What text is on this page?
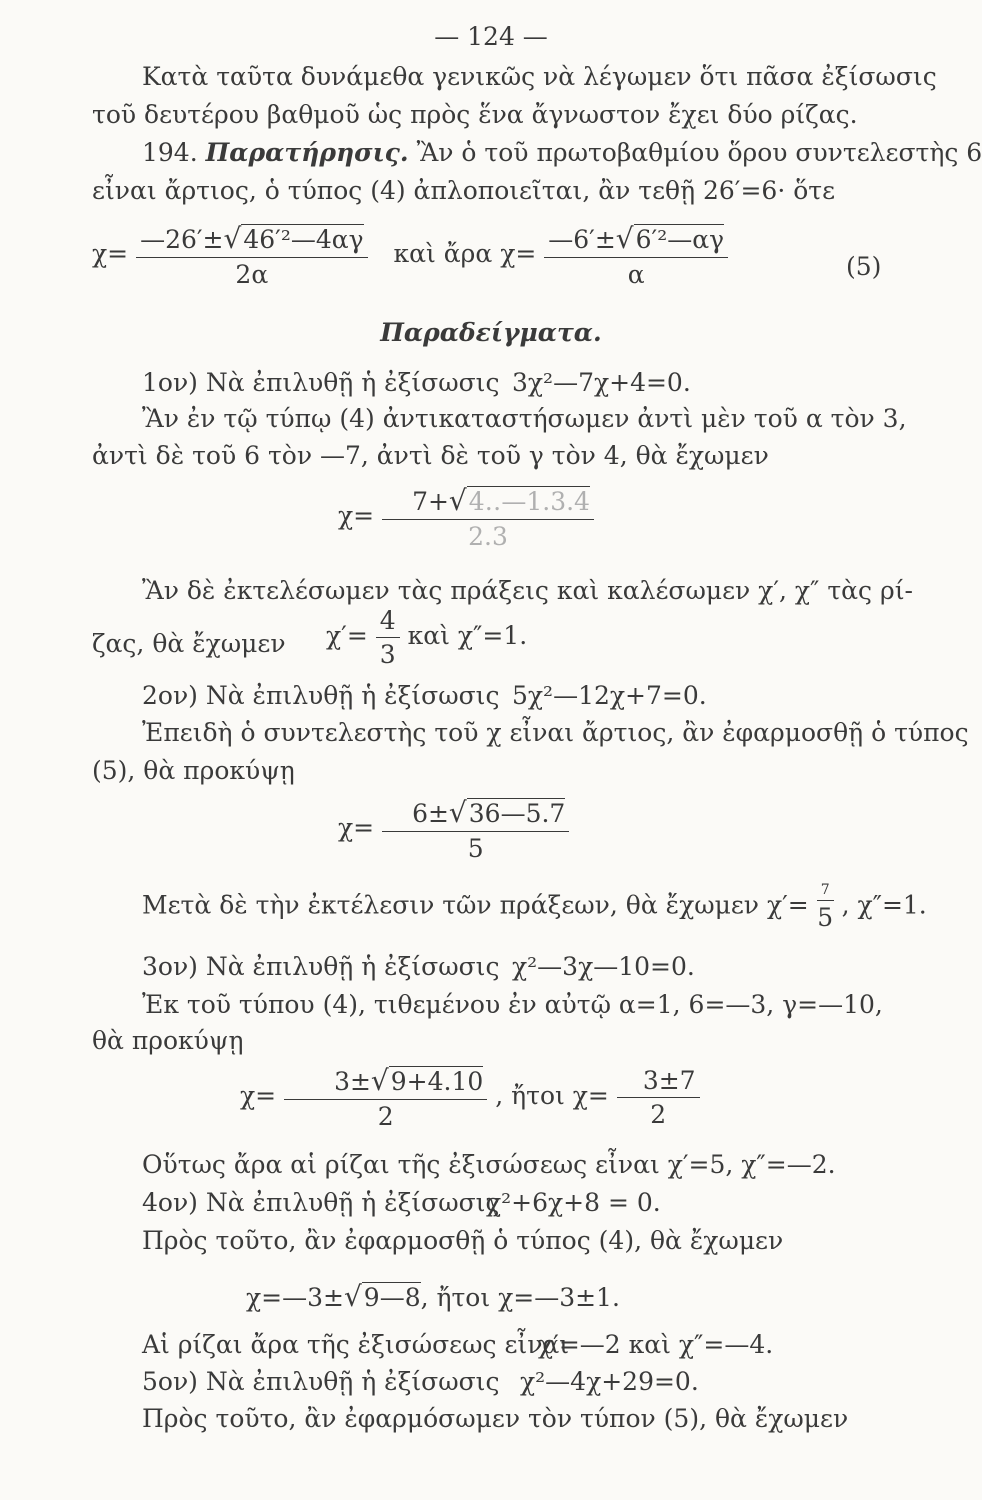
— 124 —
Κατὰ ταῦτα δυνάμεθα γενικῶς νὰ λέγωμεν ὅτι πᾶσα ἐξίσωσις
τοῦ δευτέρου βαθμοῦ ὡς πρὸς ἕνα ἄγνωστον ἔχει δύο ρίζας.
194. Παρατήρησις. Ἂν ὁ τοῦ πρωτοβαθμίου ὅρου συντελεστὴς 6
εἶναι ἄρτιος, ὁ τύπος (4) ἀπλοποιεῖται, ἂν τεθῇ 26′=6· ὅτε
$\chi= \frac{\text{—26′±√46′²—4αγ}}{2\alpha}$ καὶ ἄρα $\chi= \frac{\text{—6′±√6′²—αγ}}{\alpha}$	(5)
Παραδείγματα.
1ον) Νὰ ἐπιλυθῇ ἡ ἐξίσωσις 3χ²—7χ+4=0.
Ἂν ἐν τῷ τύπῳ (4) ἀντικαταστήσωμεν ἀντὶ μὲν τοῦ α τὸν 3,
ἀντὶ δὲ τοῦ 6 τὸν —7, ἀντὶ δὲ τοῦ γ τὸν 4, θὰ ἔχωμεν
$\chi= \frac{7+√4‥—1.3.4}{2.3}$
Ἂν δὲ ἐκτελέσωμεν τὰς πράξεις καὶ καλέσωμεν χ′, χ″ τὰς ρί-
ζας, θὰ ἔχωμεν $\chi'= \frac{4}{3}$ καὶ χ″=1.
2ον) Νὰ ἐπιλυθῇ ἡ ἐξίσωσις 5χ²—12χ+7=0.
Ἐπειδὴ ὁ συντελεστὴς τοῦ χ εἶναι ἄρτιος, ἂν ἐφαρμοσθῇ ὁ τύπος
(5), θὰ προκύψῃ
$\chi= \frac{6\pm√36—5.7}{5}$
Μετὰ δὲ τὴν ἐκτέλεσιν τῶν πράξεων, θὰ ἔχωμεν $\chi'= \frac{7}{5}$ , χ″=1.
3ον) Νὰ ἐπιλυθῇ ἡ ἐξίσωσις χ²—3χ—10=0.
Ἐκ τοῦ τύπου (4), τιθεμένου ἐν αὐτῷ α=1, 6=—3, γ=—10,
θὰ προκύψῃ
$\chi= \frac{3\pm√9+4.10}{2}$ , ἤτοι $\chi= \frac{3\pm 7}{2}$
Οὕτως ἄρα αἱ ρίζαι τῆς ἐξισώσεως εἶναι χ′=5, χ″=—2.
4ον) Νὰ ἐπιλυθῇ ἡ ἐξίσωσις
χ²+6χ+8 = 0.
Πρὸς τοῦτο, ἂν ἐφαρμοσθῇ ὁ τύπος (4), θὰ ἔχωμεν
χ=—3±√9—8, ἤτοι χ=—3±1.
Αἱ ρίζαι ἄρα τῆς ἐξισώσεως εἶναι
χ′=—2 καὶ χ″=—4.
5ον) Νὰ ἐπιλυθῇ ἡ ἐξίσωσις χ²—4χ+29=0.
Πρὸς τοῦτο, ἂν ἐφαρμόσωμεν τὸν τύπον (5), θὰ ἔχωμεν
